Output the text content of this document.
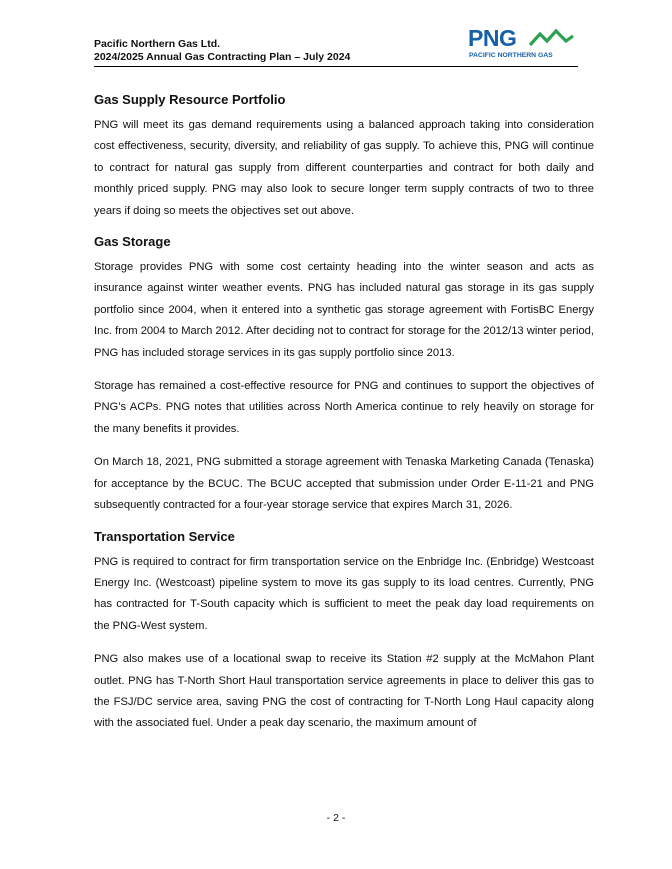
Pacific Northern Gas Ltd.
2024/2025 Annual Gas Contracting Plan – July 2024
PNG
PACIFIC NORTHERN GAS
Gas Supply Resource Portfolio

PNG will meet its gas demand requirements using a balanced approach taking into consideration cost effectiveness, security, diversity, and reliability of gas supply. To achieve this, PNG will continue to contract for natural gas supply from different counterparties and contract for both daily and monthly priced supply. PNG may also look to secure longer term supply contracts of two to three years if doing so meets the objectives set out above.

Gas Storage

Storage provides PNG with some cost certainty heading into the winter season and acts as insurance against winter weather events. PNG has included natural gas storage in its gas supply portfolio since 2004, when it entered into a synthetic gas storage agreement with FortisBC Energy Inc. from 2004 to March 2012. After deciding not to contract for storage for the 2012/13 winter period, PNG has included storage services in its gas supply portfolio since 2013.

Storage has remained a cost-effective resource for PNG and continues to support the objectives of PNG’s ACPs. PNG notes that utilities across North America continue to rely heavily on storage for the many benefits it provides.

On March 18, 2021, PNG submitted a storage agreement with Tenaska Marketing Canada (Tenaska) for acceptance by the BCUC. The BCUC accepted that submission under Order E-11-21 and PNG subsequently contracted for a four-year storage service that expires March 31, 2026.

Transportation Service

PNG is required to contract for firm transportation service on the Enbridge Inc. (Enbridge) Westcoast Energy Inc. (Westcoast) pipeline system to move its gas supply to its load centres. Currently, PNG has contracted for T-South capacity which is sufficient to meet the peak day load requirements on the PNG-West system.

PNG also makes use of a locational swap to receive its Station #2 supply at the McMahon Plant outlet. PNG has T-North Short Haul transportation service agreements in place to deliver this gas to the FSJ/DC service area, saving PNG the cost of contracting for T-North Long Haul capacity along with the associated fuel. Under a peak day scenario, the maximum amount of

- 2 -
